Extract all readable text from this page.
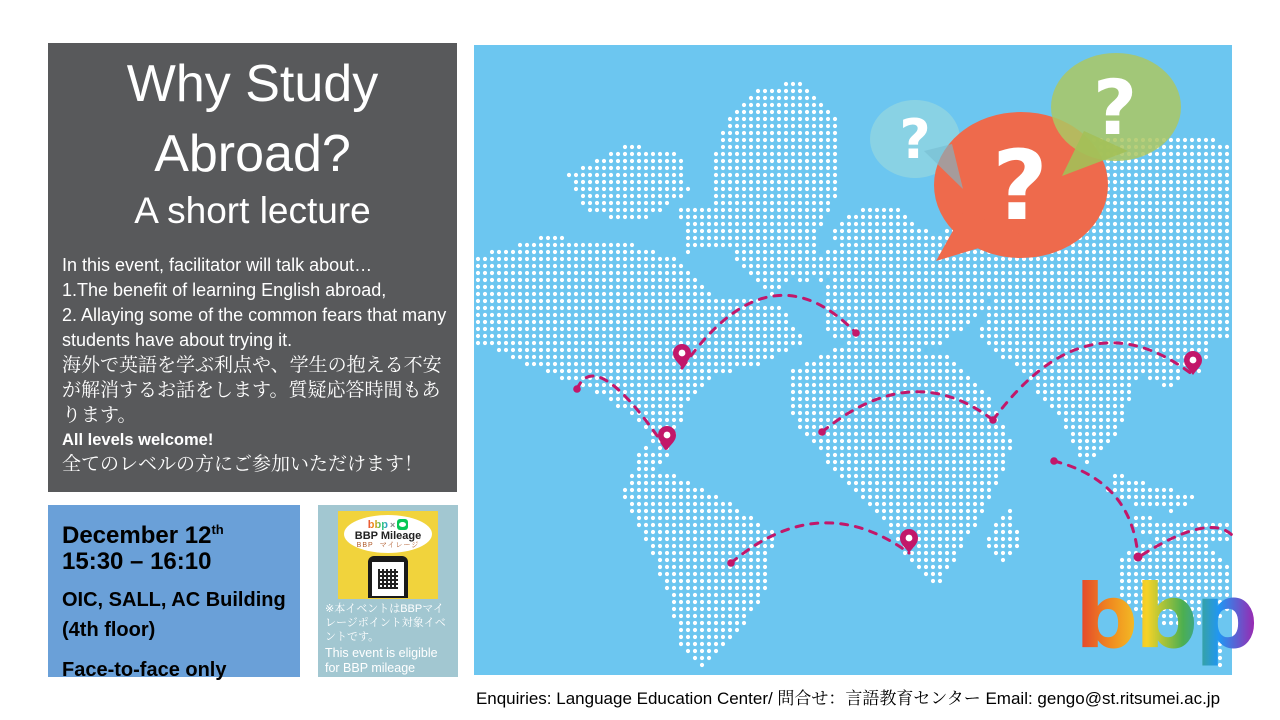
Why Study
Abroad?
A short lecture
In this event, facilitator will talk about…
1.The benefit of learning English abroad,
2. Allaying some of the common fears that many students have about trying it.
海外で英語を学ぶ利点や、学生の抱える不安が解消するお話をします。質疑応答時間もあります。
All levels welcome!
全てのレベルの方にご参加いただけます！
December 12th
15:30 – 16:10
OIC, SALL, AC Building
(4th floor)
Face-to-face only
bbp ×
BBP Mileage
BBP マイレージ
※本イベントはBBPマイレージポイント対象イベントです。
This event is eligible for BBP mileage points.
? ?
?
bbp
Enquiries: Language Education Center/ 問合せ：言語教育センター Email: gengo@st.ritsumei.ac.jp
